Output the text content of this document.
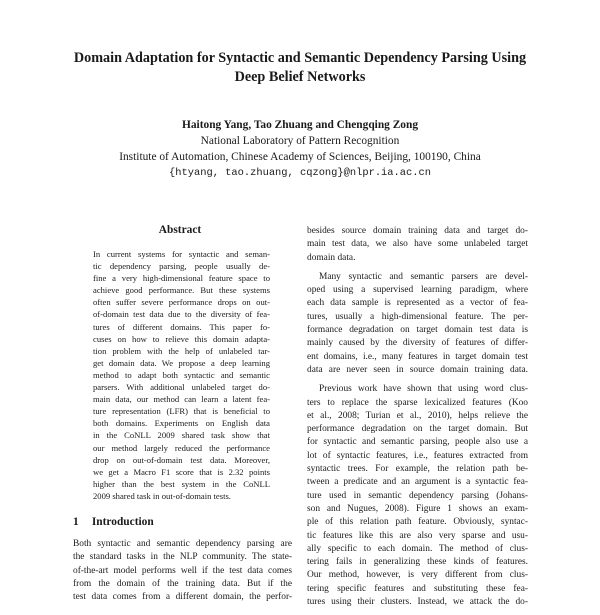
Domain Adaptation for Syntactic and Semantic Dependency Parsing Using
Deep Belief Networks
Haitong Yang, Tao Zhuang and Chengqing Zong
National Laboratory of Pattern Recognition
Institute of Automation, Chinese Academy of Sciences, Beijing, 100190, China
{htyang, tao.zhuang, cqzong}@nlpr.ia.ac.cn
Abstract
In current systems for syntactic and seman-
tic dependency parsing, people usually de-
fine a very high-dimensional feature space to
achieve good performance. But these systems
often suffer severe performance drops on out-
of-domain test data due to the diversity of fea-
tures of different domains. This paper fo-
cuses on how to relieve this domain adapta-
tion problem with the help of unlabeled tar-
get domain data. We propose a deep learning
method to adapt both syntactic and semantic
parsers. With additional unlabeled target do-
main data, our method can learn a latent fea-
ture representation (LFR) that is beneficial to
both domains. Experiments on English data
in the CoNLL 2009 shared task show that
our method largely reduced the performance
drop on out-of-domain test data. Moreover,
we get a Macro F1 score that is 2.32 points
higher than the best system in the CoNLL
2009 shared task in out-of-domain tests.
1 Introduction
Both syntactic and semantic dependency parsing are
the standard tasks in the NLP community. The state-
of-the-art model performs well if the test data comes
from the domain of the training data. But if the
test data comes from a different domain, the perfor-

besides source domain training data and target do-
main test data, we also have some unlabeled target
domain data.

Many syntactic and semantic parsers are devel-
oped using a supervised learning paradigm, where
each data sample is represented as a vector of fea-
tures, usually a high-dimensional feature. The per-
formance degradation on target domain test data is
mainly caused by the diversity of features of differ-
ent domains, i.e., many features in target domain test
data are never seen in source domain training data.

Previous work have shown that using word clus-
ters to replace the sparse lexicalized features (Koo
et al., 2008; Turian et al., 2010), helps relieve the
performance degradation on the target domain. But
for syntactic and semantic parsing, people also use a
lot of syntactic features, i.e., features extracted from
syntactic trees. For example, the relation path be-
tween a predicate and an argument is a syntactic fea-
ture used in semantic dependency parsing (Johans-
son and Nugues, 2008). Figure 1 shows an exam-
ple of this relation path feature. Obviously, syntac-
tic features like this are also very sparse and usu-
ally specific to each domain. The method of clus-
tering fails in generalizing these kinds of features.
Our method, however, is very different from clus-
tering specific features and substituting these fea-
tures using their clusters. Instead, we attack the do-
